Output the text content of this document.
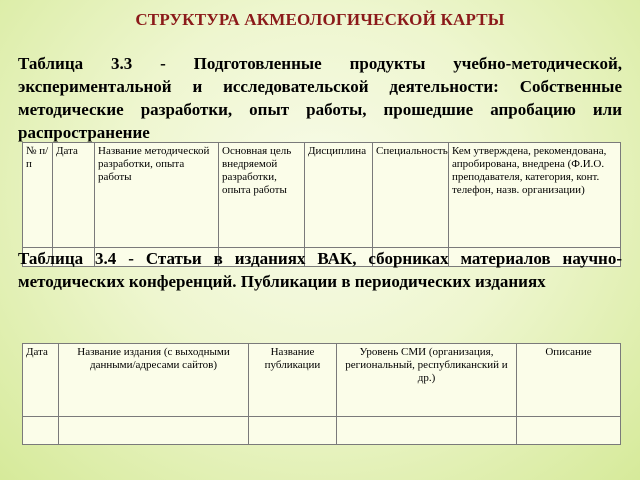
СТРУКТУРА АКМЕОЛОГИЧЕСКОЙ КАРТЫ
Таблица 3.3 - Подготовленные продукты учебно-методической, экспериментальной и исследовательской деятельности: Собственные методические разработки, опыт работы, прошедшие апробацию или распространение
№ п/п	Дата	Название методической разработки, опыта работы	Основная цель внедряемой разработки, опыта работы	Дисциплина	Специальность	Кем утверждена, рекомендована, апробирована, внедрена (Ф.И.О. преподавателя, категория, конт. телефон, назв. организации)

Таблица 3.4 - Статьи в изданиях ВАК, сборниках материалов научно-методических конференций. Публикации в периодических изданиях
Дата	Название издания (с выходными данными/адресами сайтов)	Название публикации	Уровень СМИ (организация, региональный, республиканский и др.)	Описание
